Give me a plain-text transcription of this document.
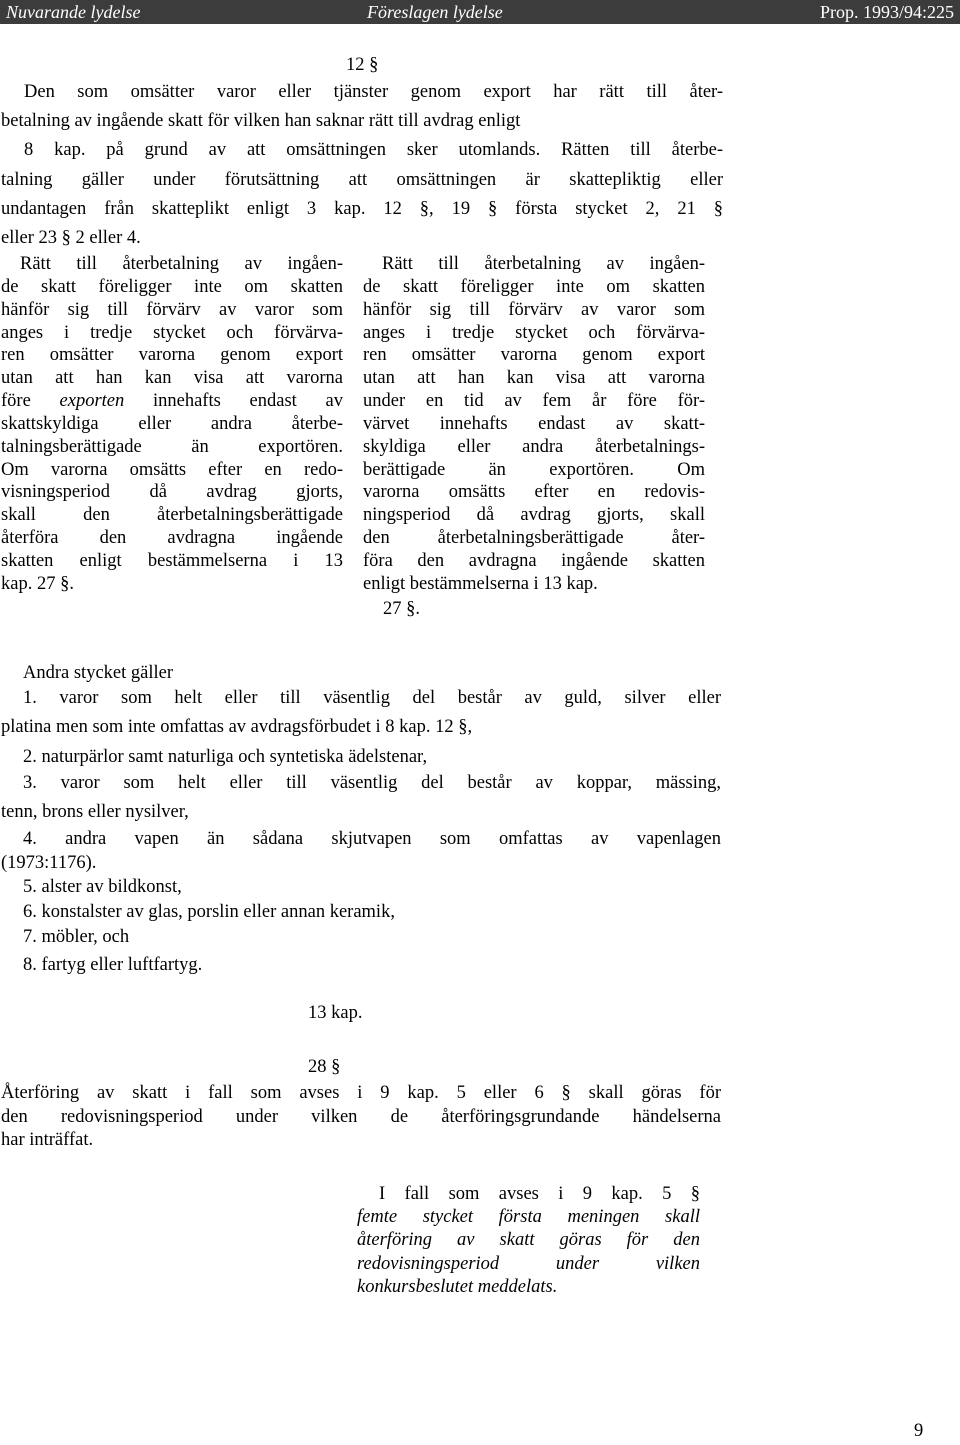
Nuvarande lydelse	Föreslagen lydelse	Prop. 1993/94:225
12 §
Den som omsätter varor eller tjänster genom export har rätt till åter-
betalning av ingående skatt för vilken han saknar rätt till avdrag enligt
8 kap. på grund av att omsättningen sker utomlands. Rätten till återbe-
talning gäller under förutsättning att omsättningen är skattepliktig eller
undantagen från skatteplikt enligt 3 kap. 12 §, 19 § första stycket 2, 21 §
eller 23 § 2 eller 4.
Rätt till återbetalning av ingåen-
de skatt föreligger inte om skatten
hänför sig till förvärv av varor som
anges i tredje stycket och förvärva-
ren omsätter varorna genom export
utan att han kan visa att varorna
före exporten innehafts endast av
skattskyldiga eller andra återbe-
talningsberättigade än exportören.
Om varorna omsätts efter en redo-
visningsperiod då avdrag gjorts,
skall den återbetalningsberättigade
återföra den avdragna ingående
skatten enligt bestämmelserna i 13
kap. 27 §.
Rätt till återbetalning av ingåen-
de skatt föreligger inte om skatten
hänför sig till förvärv av varor som
anges i tredje stycket och förvärva-
ren omsätter varorna genom export
utan att han kan visa att varorna
under en tid av fem år före för-
värvet innehafts endast av skatt-
skyldiga eller andra återbetalnings-
berättigade än exportören. Om
varorna omsätts efter en redovis-
ningsperiod då avdrag gjorts, skall
den återbetalningsberättigade åter-
föra den avdragna ingående skatten
enligt bestämmelserna i 13 kap.
27 §.
Andra stycket gäller
1. varor som helt eller till väsentlig del består av guld, silver eller
platina men som inte omfattas av avdragsförbudet i 8 kap. 12 §,
2. naturpärlor samt naturliga och syntetiska ädelstenar,
3. varor som helt eller till väsentlig del består av koppar, mässing,
tenn, brons eller nysilver,
4. andra vapen än sådana skjutvapen som omfattas av vapenlagen
(1973:1176).
5. alster av bildkonst,
6. konstalster av glas, porslin eller annan keramik,
7. möbler, och
8. fartyg eller luftfartyg.
13 kap.
28 §
Återföring av skatt i fall som avses i 9 kap. 5 eller 6 § skall göras för
den redovisningsperiod under vilken de återföringsgrundande händelserna
har inträffat.
I fall som avses i 9 kap. 5 §
femte stycket första meningen skall
återföring av skatt göras för den
redovisningsperiod under vilken
konkursbeslutet meddelats.
9
